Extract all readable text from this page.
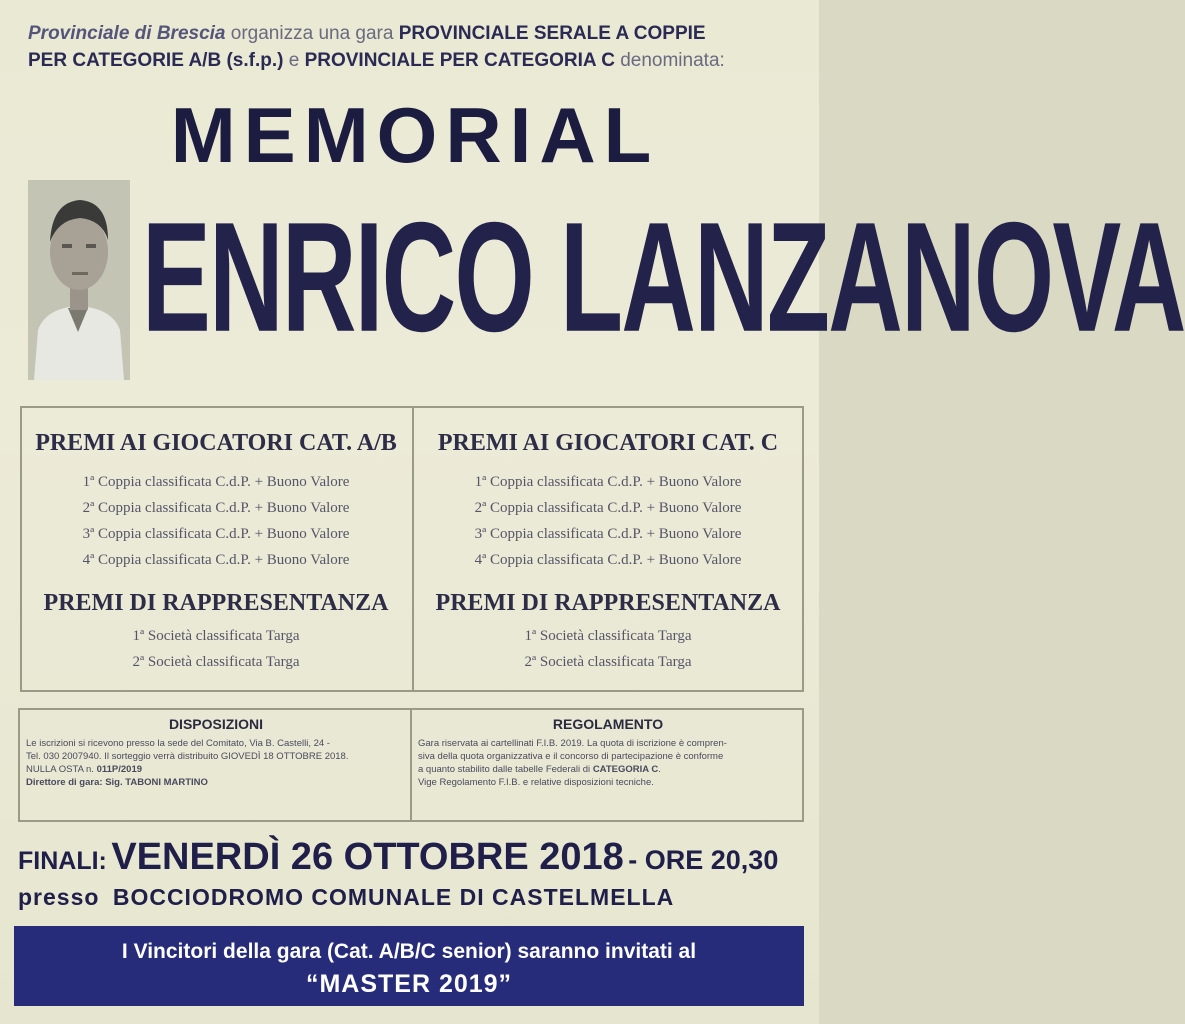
Provinciale di Brescia organizza una gara PROVINCIALE SERALE A COPPIE
PER CATEGORIE A/B (s.f.p.) e PROVINCIALE PER CATEGORIA C denominata:
MEMORIAL
ENRICO LANZANOVA
PREMI AI GIOCATORI CAT. A/B
1ª Coppia classificata C.d.P. + Buono Valore
2ª Coppia classificata C.d.P. + Buono Valore
3ª Coppia classificata C.d.P. + Buono Valore
4ª Coppia classificata C.d.P. + Buono Valore
PREMI DI RAPPRESENTANZA
1ª Società classificata Targa
2ª Società classificata Targa
PREMI AI GIOCATORI CAT. C
1ª Coppia classificata C.d.P. + Buono Valore
2ª Coppia classificata C.d.P. + Buono Valore
3ª Coppia classificata C.d.P. + Buono Valore
4ª Coppia classificata C.d.P. + Buono Valore
PREMI DI RAPPRESENTANZA
1ª Società classificata Targa
2ª Società classificata Targa
DISPOSIZIONI
Le iscrizioni si ricevono presso la sede del Comitato, Via B. Castelli, 24 -
Tel. 030 2007940. Il sorteggio verrà distribuito GIOVEDÌ 18 OTTOBRE 2018.
NULLA OSTA n. 011P/2019
Direttore di gara: Sig. TABONI MARTINO
REGOLAMENTO
Gara riservata ai cartellinati F.I.B. 2019. La quota di iscrizione è compren-
siva della quota organizzativa e il concorso di partecipazione è conforme
a quanto stabilito dalle tabelle Federali di CATEGORIA C.
Vige Regolamento F.I.B. e relative disposizioni tecniche.
FINALI: VENERDÌ 26 OTTOBRE 2018 - ORE 20,30
presso BOCCIODROMO COMUNALE DI CASTELMELLA
I Vincitori della gara (Cat. A/B/C senior) saranno invitati al
“MASTER 2019”
